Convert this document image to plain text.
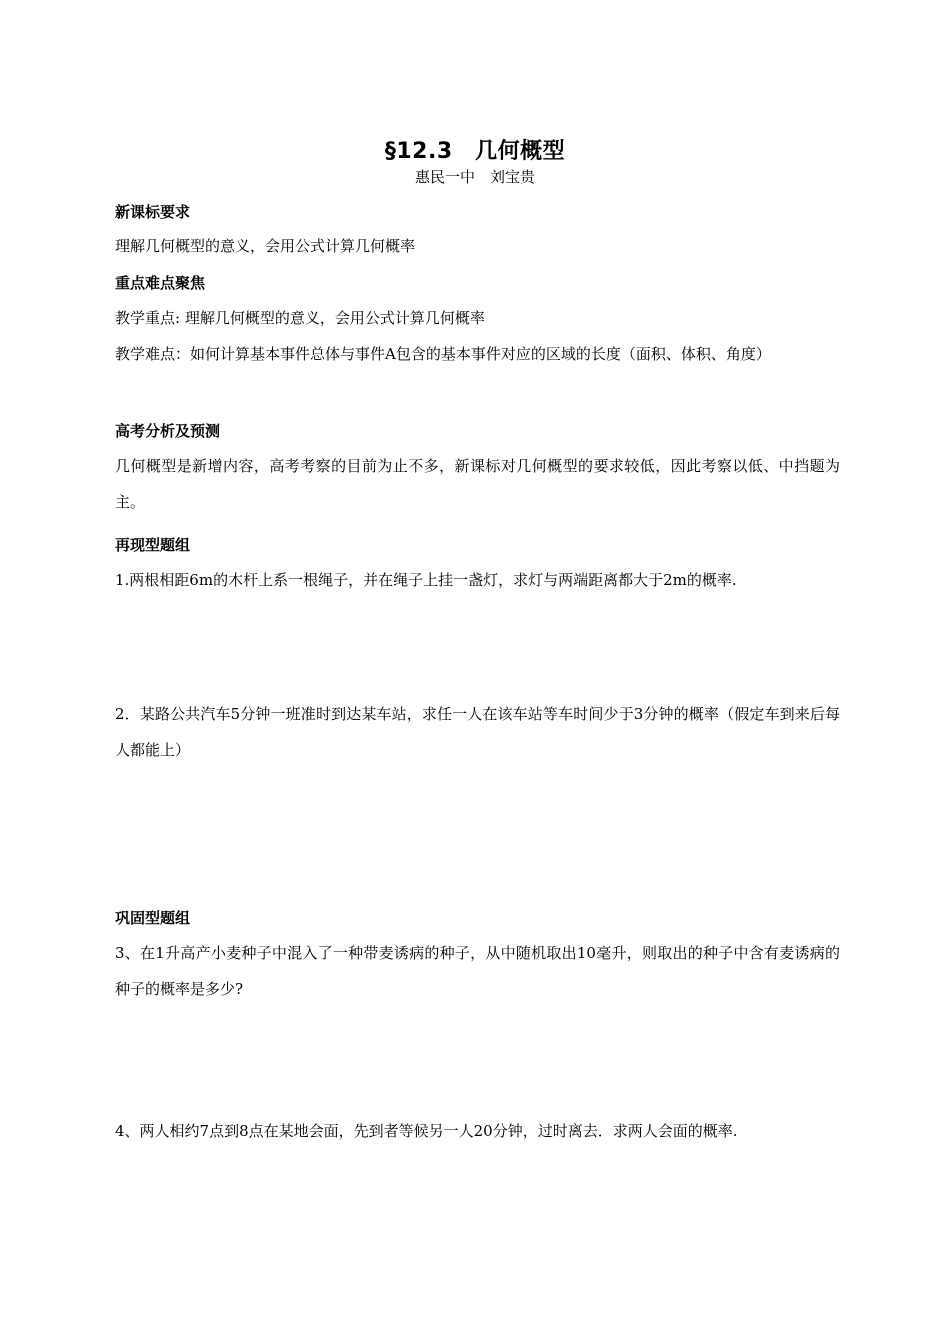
§12.3　几何概型
惠民一中　刘宝贵
新课标要求
理解几何概型的意义，会用公式计算几何概率
重点难点聚焦
教学重点: 理解几何概型的意义，会用公式计算几何概率
教学难点：如何计算基本事件总体与事件A包含的基本事件对应的区域的长度（面积、体积、角度）
高考分析及预测
几何概型是新增内容，高考考察的目前为止不多，新课标对几何概型的要求较低，因此考察以低、中挡题为主。
再现型题组
1.两根相距6m的木杆上系一根绳子，并在绳子上挂一盏灯，求灯与两端距离都大于2m的概率.
2．某路公共汽车5分钟一班准时到达某车站，求任一人在该车站等车时间少于3分钟的概率（假定车到来后每人都能上）
巩固型题组
3、在1升高产小麦种子中混入了一种带麦诱病的种子，从中随机取出10毫升，则取出的种子中含有麦诱病的种子的概率是多少?
4、两人相约7点到8点在某地会面，先到者等候另一人20分钟，过时离去．求两人会面的概率.
